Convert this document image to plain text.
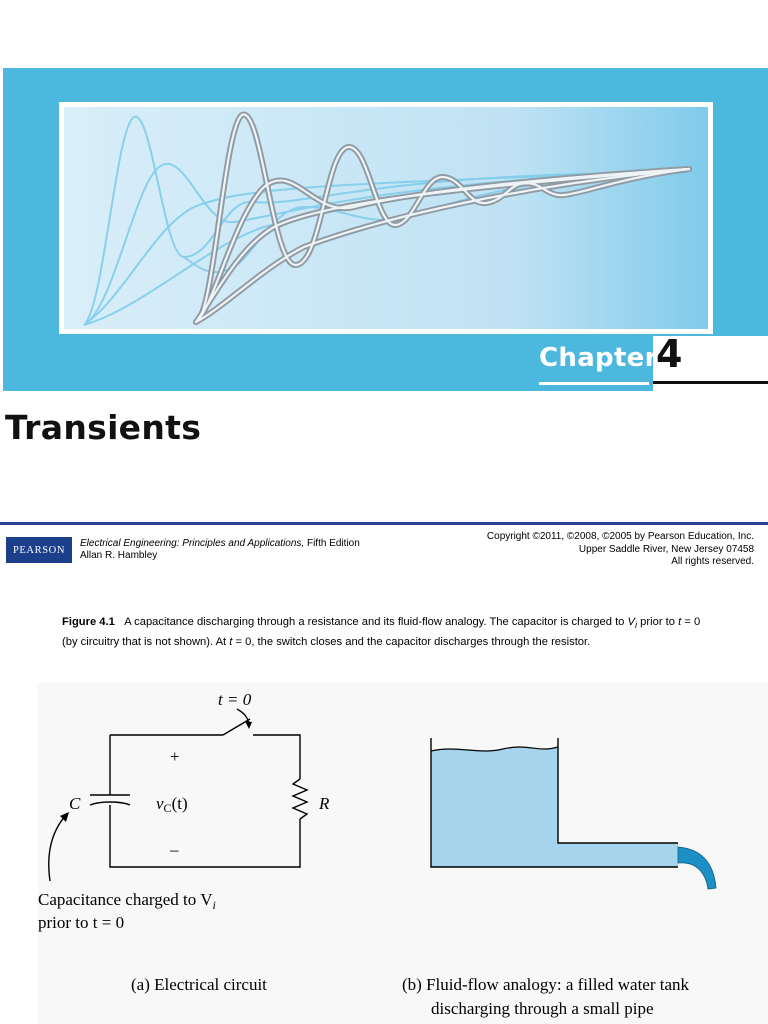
Chapter
4
Transients
PEARSON
Electrical Engineering: Principles and Applications, Fifth Edition
Allan R. Hambley
Copyright ©2011, ©2008, ©2005 by Pearson Education, Inc.
Upper Saddle River, New Jersey 07458
All rights reserved.
Figure 4.1 A capacitance discharging through a resistance and its fluid-flow analogy. The capacitor is charged to $V_i$ prior to t = 0 (by circuitry that is not shown). At t = 0, the switch closes and the capacitor discharges through the resistor.
t = 0
+
–
C	vC(t)	R
Capacitance charged to $V_i$
prior to t = 0
(a) Electrical circuit	(b) Fluid-flow analogy: a filled water tank
discharging through a small pipe
